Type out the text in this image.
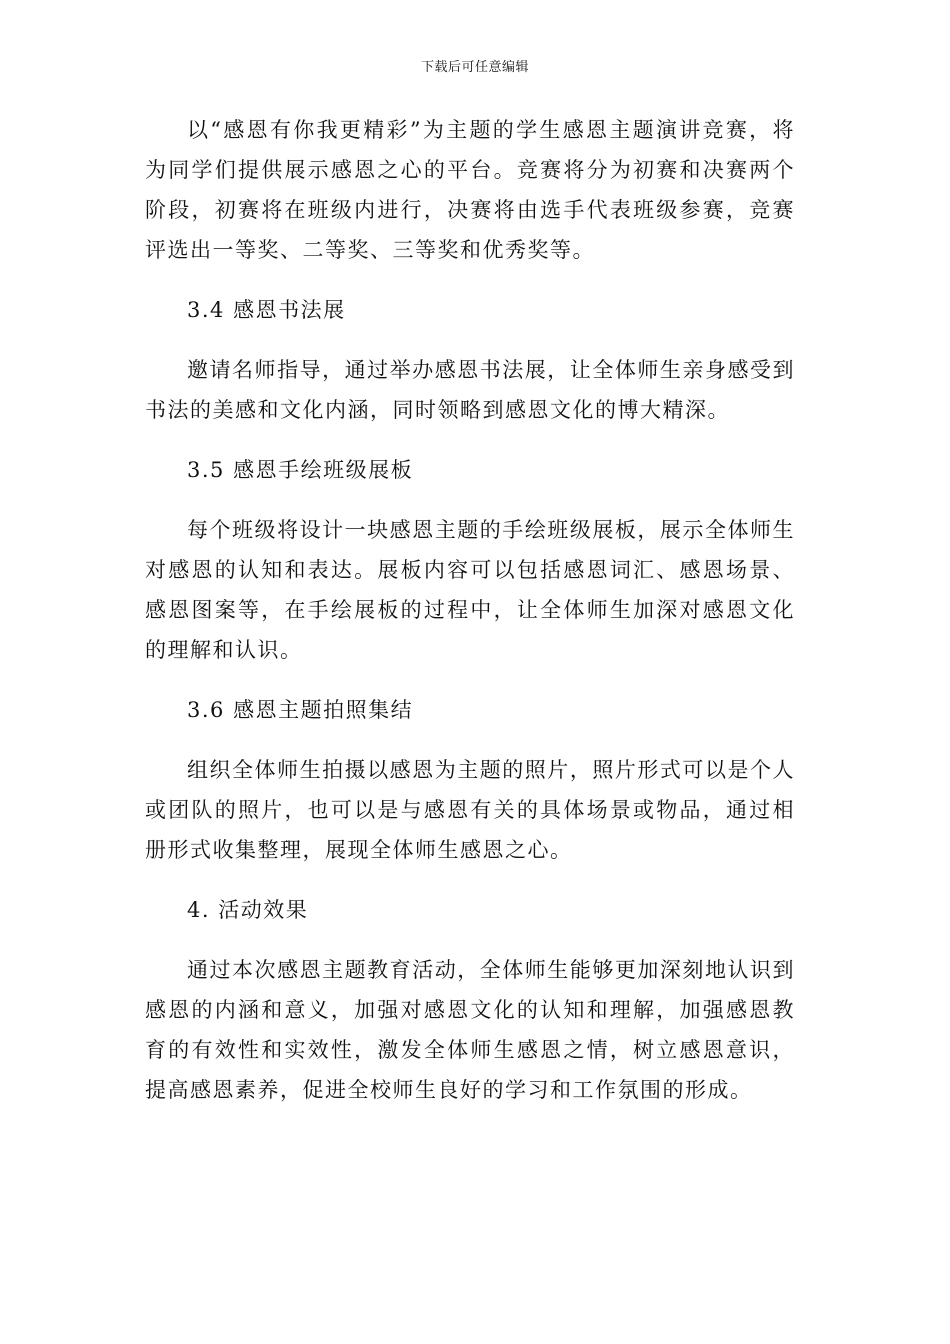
下载后可任意编辑

以“感恩有你我更精彩”为主题的学生感恩主题演讲竞赛，将为同学们提供展示感恩之心的平台。竞赛将分为初赛和决赛两个阶段，初赛将在班级内进行，决赛将由选手代表班级参赛，竞赛评选出一等奖、二等奖、三等奖和优秀奖等。

3.4 感恩书法展

邀请名师指导，通过举办感恩书法展，让全体师生亲身感受到书法的美感和文化内涵，同时领略到感恩文化的博大精深。

3.5 感恩手绘班级展板

每个班级将设计一块感恩主题的手绘班级展板，展示全体师生对感恩的认知和表达。展板内容可以包括感恩词汇、感恩场景、感恩图案等，在手绘展板的过程中，让全体师生加深对感恩文化的理解和认识。

3.6 感恩主题拍照集结

组织全体师生拍摄以感恩为主题的照片，照片形式可以是个人或团队的照片，也可以是与感恩有关的具体场景或物品，通过相册形式收集整理，展现全体师生感恩之心。

4. 活动效果

通过本次感恩主题教育活动，全体师生能够更加深刻地认识到感恩的内涵和意义，加强对感恩文化的认知和理解，加强感恩教育的有效性和实效性，激发全体师生感恩之情，树立感恩意识，提高感恩素养，促进全校师生良好的学习和工作氛围的形成。
